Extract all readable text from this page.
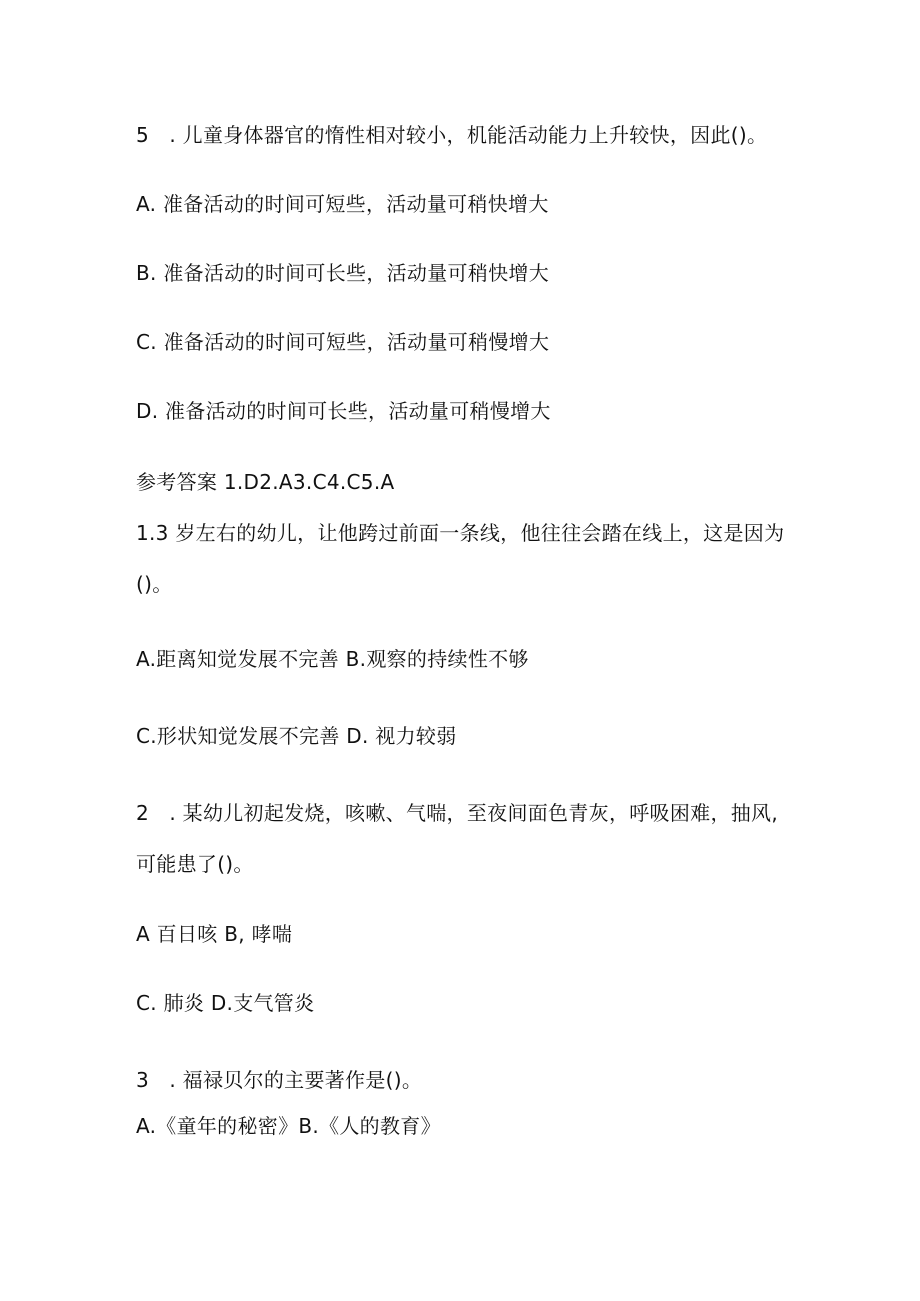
5　. 儿童身体器官的惰性相对较小，机能活动能力上升较快，因此()。
A. 准备活动的时间可短些，活动量可稍快增大
B. 准备活动的时间可长些，活动量可稍快增大
C. 准备活动的时间可短些，活动量可稍慢增大
D. 准备活动的时间可长些，活动量可稍慢增大
参考答案 1.D2.A3.C4.C5.A
1.3 岁左右的幼儿，让他跨过前面一条线，他往往会踏在线上，这是因为
()。
A.距离知觉发展不完善 B.观察的持续性不够
C.形状知觉发展不完善 D. 视力较弱
2　. 某幼儿初起发烧，咳嗽、气喘，至夜间面色青灰，呼吸困难，抽风,
可能患了()。
A 百日咳 B, 哮喘
C. 肺炎 D.支气管炎
3　. 福禄贝尔的主要著作是()。
A.《童年的秘密》B.《人的教育》
